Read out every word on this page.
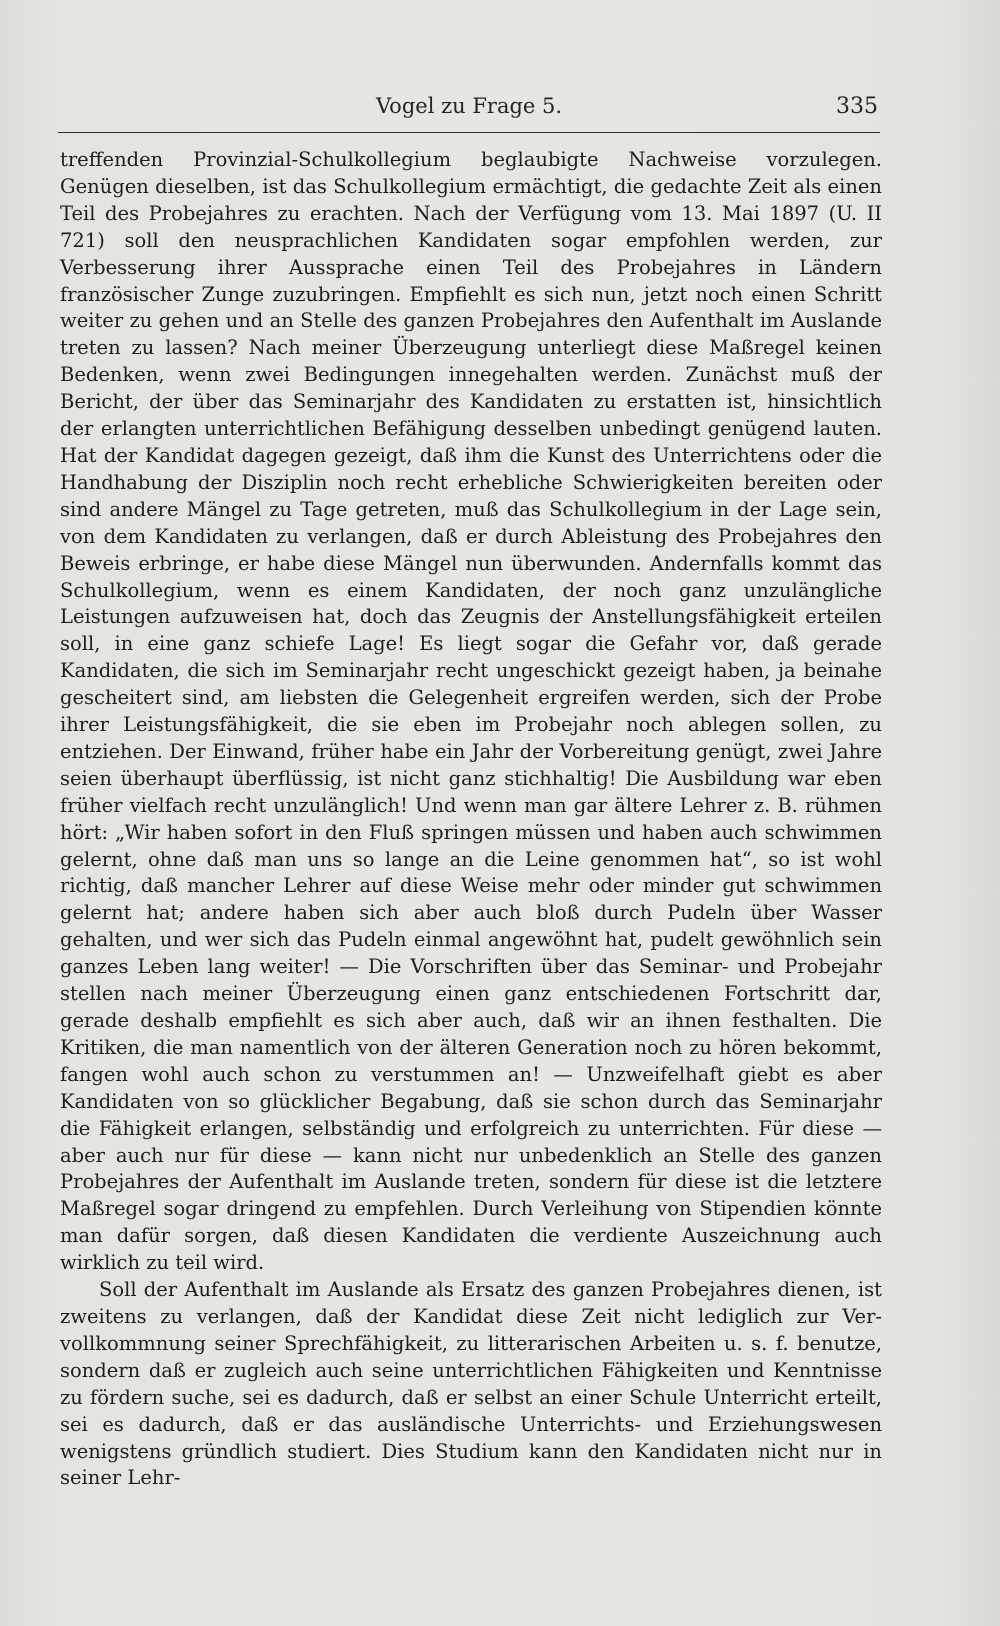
Vogel zu Frage 5.	335

treffenden Provinzial-Schulkollegium beglaubigte Nachweise vorzulegen. Genügen dieselben, ist das Schulkollegium ermächtigt, die gedachte Zeit als einen Teil des Probejahres zu erachten. Nach der Verfügung vom 13. Mai 1897 (U. II 721) soll den neusprachlichen Kandidaten sogar empfohlen werden, zur Verbesserung ihrer Aussprache einen Teil des Probejahres in Ländern französischer Zunge zuzubringen. Empfiehlt es sich nun, jetzt noch einen Schritt weiter zu gehen und an Stelle des ganzen Probejahres den Aufenthalt im Auslande treten zu lassen? Nach meiner Überzeugung unterliegt diese Maßregel keinen Bedenken, wenn zwei Bedingungen innegehalten werden. Zunächst muß der Bericht, der über das Seminarjahr des Kandidaten zu erstatten ist, hinsichtlich der erlangten unterrichtlichen Befähigung desselben unbedingt genügend lauten. Hat der Kandidat dagegen gezeigt, daß ihm die Kunst des Unterrichtens oder die Handhabung der Disziplin noch recht erhebliche Schwierigkeiten bereiten oder sind andere Mängel zu Tage getreten, muß das Schulkollegium in der Lage sein, von dem Kandidaten zu verlangen, daß er durch Ableistung des Probejahres den Beweis erbringe, er habe diese Mängel nun überwunden. Andernfalls kommt das Schulkollegium, wenn es einem Kandidaten, der noch ganz unzulängliche Leistungen aufzuweisen hat, doch das Zeugnis der Anstellungsfähigkeit erteilen soll, in eine ganz schiefe Lage! Es liegt sogar die Gefahr vor, daß gerade Kandidaten, die sich im Seminarjahr recht ungeschickt gezeigt haben, ja beinahe gescheitert sind, am liebsten die Gelegenheit ergreifen werden, sich der Probe ihrer Leistungsfähigkeit, die sie eben im Probejahr noch ablegen sollen, zu entziehen. Der Einwand, früher habe ein Jahr der Vorbereitung genügt, zwei Jahre seien überhaupt überflüssig, ist nicht ganz stichhaltig! Die Ausbildung war eben früher vielfach recht unzulänglich! Und wenn man gar ältere Lehrer z. B. rühmen hört: „Wir haben sofort in den Fluß springen müssen und haben auch schwimmen gelernt, ohne daß man uns so lange an die Leine genommen hat“, so ist wohl richtig, daß mancher Lehrer auf diese Weise mehr oder minder gut schwimmen gelernt hat; andere haben sich aber auch bloß durch Pudeln über Wasser gehalten, und wer sich das Pudeln einmal angewöhnt hat, pudelt gewöhnlich sein ganzes Leben lang weiter! — Die Vorschriften über das Seminar- und Probejahr stellen nach meiner Überzeugung einen ganz entschiedenen Fortschritt dar, gerade deshalb empfiehlt es sich aber auch, daß wir an ihnen festhalten. Die Kritiken, die man namentlich von der älteren Generation noch zu hören bekommt, fangen wohl auch schon zu verstummen an! — Unzweifelhaft giebt es aber Kandidaten von so glücklicher Begabung, daß sie schon durch das Seminarjahr die Fähigkeit erlangen, selbständig und erfolgreich zu unterrichten. Für diese — aber auch nur für diese — kann nicht nur unbedenklich an Stelle des ganzen Probejahres der Aufenthalt im Auslande treten, sondern für diese ist die letztere Maßregel sogar dringend zu empfehlen. Durch Verleihung von Stipendien könnte man dafür sorgen, daß diesen Kandidaten die verdiente Auszeichnung auch wirklich zu teil wird.

Soll der Aufenthalt im Auslande als Ersatz des ganzen Probejahres dienen, ist zweitens zu verlangen, daß der Kandidat diese Zeit nicht lediglich zur Vervollkommnung seiner Sprechfähigkeit, zu litterarischen Arbeiten u. s. f. benutze, sondern daß er zugleich auch seine unterrichtlichen Fähigkeiten und Kenntnisse zu fördern suche, sei es dadurch, daß er selbst an einer Schule Unterricht erteilt, sei es dadurch, daß er das ausländische Unterrichts- und Erziehungswesen wenigstens gründlich studiert. Dies Studium kann den Kandidaten nicht nur in seiner Lehr-
